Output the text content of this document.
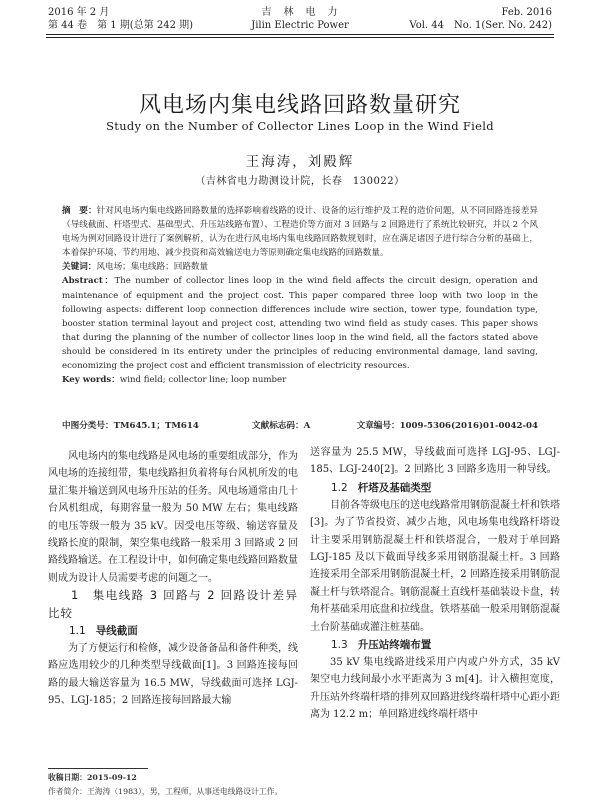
2016 年 2 月
第 44 卷　第 1 期(总第 242 期)
吉　林　电　力
Jilin Electric Power
Feb. 2016
Vol. 44　No. 1(Ser. No. 242)
风电场内集电线路回路数量研究
Study on the Number of Collector Lines Loop in the Wind Field
王海涛，刘殿辉
（吉林省电力勘测设计院，长春　130022）

摘　要：针对风电场内集电线路回路数量的选择影响着线路的设计、设备的运行维护及工程的造价问题，从不同回路连接差异（导线截面、杆塔型式、基础型式、升压站线路布置）、工程造价等方面对 3 回路与 2 回路进行了系统比较研究，并以 2 个风电场为例对回路设计进行了案例解析，认为在进行风电场内集电线路回路数规划时，应在满足诸因子进行综合分析的基础上，本着保护环境、节约用地、减少投资和高效输送电力等原则确定集电线路的回路数量。

关键词：风电场；集电线路；回路数量

Abstract：The number of collector lines loop in the wind field affects the circuit design, operation and maintenance of equipment and the project cost. This paper compared three loop with two loop in the following aspects: different loop connection differences include wire section, tower type, foundation type, booster station terminal layout and project cost, attending two wind field as study cases. This paper shows that during the planning of the number of collector lines loop in the wind field, all the factors stated above should be considered in its entirety under the principles of reducing environmental damage, land saving, economizing the project cost and efficient transmission of electricity resources.

Key words：wind field; collector line; loop number

中图分类号：TM645.1；TM614	文献标志码：A	文章编号：1009-5306(2016)01-0042-04

风电场内的集电线路是风电场的重要组成部分，作为风电场的连接纽带，集电线路担负着将每台风机所发的电量汇集并输送到风电场升压站的任务。风电场通常由几十台风机组成，每期容量一般为 50 MW 左右；集电线路的电压等级一般为 35 kV。因受电压等级、输送容量及线路长度的限制，架空集电线路一般采用 3 回路或 2 回路线路输送。在工程设计中，如何确定集电线路回路数量则成为设计人员需要考虑的问题之一。

1　集电线路 3 回路与 2 回路设计差异比较

1.1 导线截面

为了方便运行和检修，减少设备备品和备件种类，线路应选用较少的几种类型导线截面[1]。3 回路连接每回路的最大输送容量为 16.5 MW，导线截面可选择 LGJ-95、LGJ-185；2 回路连接每回路最大输

送容量为 25.5 MW，导线截面可选择 LGJ-95、LGJ-185、LGJ-240[2]。2 回路比 3 回路多选用一种导线。

1.2 杆塔及基础类型

目前各等级电压的送电线路常用钢筋混凝土杆和铁塔[3]。为了节省投资、减少占地，风电场集电线路杆塔设计主要采用钢筋混凝土杆和铁塔混合，一般对于单回路 LGJ-185 及以下截面导线多采用钢筋混凝土杆。3 回路连接采用全部采用钢筋混凝土杆，2 回路连接采用钢筋混凝土杆与铁塔混合。钢筋混凝土直线杆基础装设卡盘，转角杆基础采用底盘和拉线盘。铁塔基础一般采用钢筋混凝土台阶基础或灌注桩基础。

1.3 升压站终端布置

35 kV 集电线路进线采用户内或户外方式，35 kV 架空电力线间最小水平距离为 3 m[4]。计入横担宽度，升压站外终端杆塔的排列双回路进线终端杆塔中心距小距离为 12.2 m；单回路进线终端杆塔中

收稿日期：2015-09-12

作者简介：王海涛（1983），男，工程师，从事送电线路设计工作。
